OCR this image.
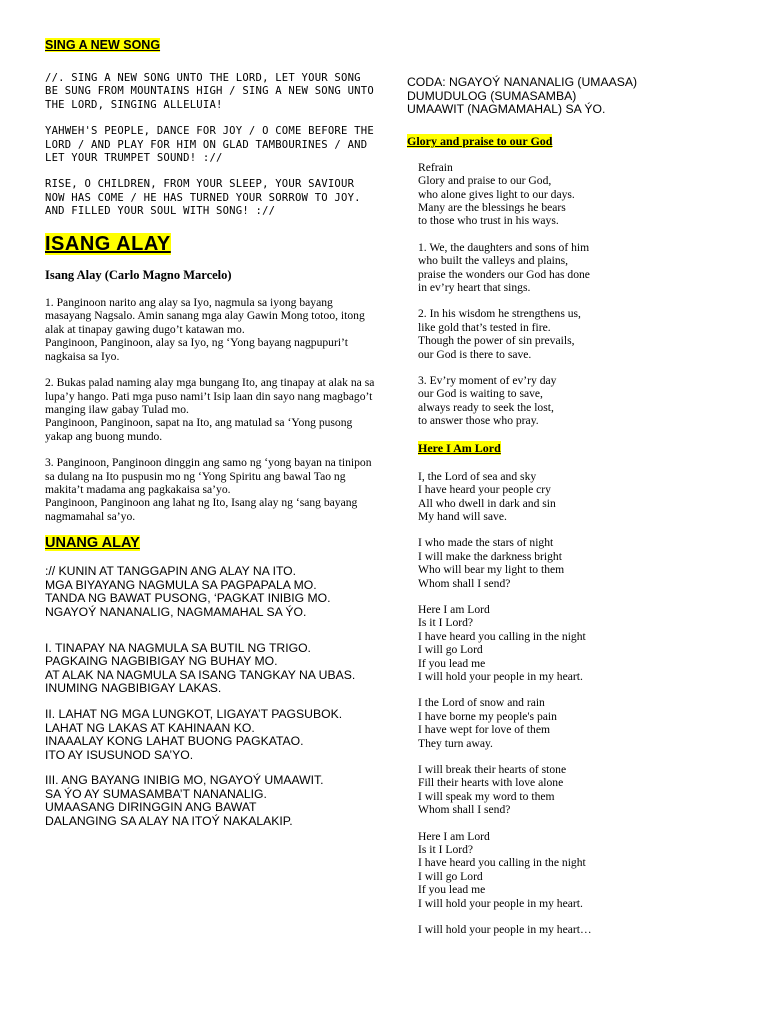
SING A NEW SONG

//. SING A NEW SONG UNTO THE LORD, LET YOUR SONG BE SUNG FROM MOUNTAINS HIGH / SING A NEW SONG UNTO THE LORD, SINGING ALLELUIA!

YAHWEH'S PEOPLE, DANCE FOR JOY / O COME BEFORE THE LORD / AND PLAY FOR HIM ON GLAD TAMBOURINES / AND LET YOUR TRUMPET SOUND! ://

RISE, O CHILDREN, FROM YOUR SLEEP, YOUR SAVIOUR NOW HAS COME / HE HAS TURNED YOUR SORROW TO JOY. AND FILLED YOUR SOUL WITH SONG! ://

ISANG ALAY
Isang Alay (Carlo Magno Marcelo)

1. Panginoon narito ang alay sa Iyo, nagmula sa iyong bayang masayang Nagsalo. Amin sanang mga alay Gawin Mong totoo, itong alak at tinapay gawing dugo’t katawan mo.
Panginoon, Panginoon, alay sa Iyo, ng ‘Yong bayang nagpupuri’t nagkaisa sa Iyo.

2. Bukas palad naming alay mga bungang Ito, ang tinapay at alak na sa lupa’y hango. Pati mga puso nami’t Isip laan din sayo nang magbago’t manging ilaw gabay Tulad mo.
Panginoon, Panginoon, sapat na Ito, ang matulad sa ‘Yong pusong yakap ang buong mundo.

3. Panginoon, Panginoon dinggin ang samo ng ‘yong bayan na tinipon sa dulang na Ito puspusin mo ng ‘Yong Spiritu ang bawal Tao ng makita’t madama ang pagkakaisa sa’yo.
Panginoon, Panginoon ang lahat ng Ito, Isang alay ng ‘sang bayang nagmamahal sa’yo.

UNANG ALAY

:// KUNIN AT TANGGAPIN ANG ALAY NA ITO.
MGA BIYAYANG NAGMULA SA PAGPAPALA MO.
TANDA NG BAWAT PUSONG, ‘PAGKAT INIBIG MO.
NGAYOÝ NANANALIG, NAGMAMAHAL SA ÝO.

I. TINAPAY NA NAGMULA SA BUTIL NG TRIGO.
PAGKAING NAGBIBIGAY NG BUHAY MO.
AT ALAK NA NAGMULA SA ISANG TANGKAY NA UBAS.
INUMING NAGBIBIGAY LAKAS.

II. LAHAT NG MGA LUNGKOT, LIGAYA’T PAGSUBOK.
LAHAT NG LAKAS AT KAHINAAN KO.
INAAALAY KONG LAHAT BUONG PAGKATAO.
ITO AY ISUSUNOD SA’YO.

III. ANG BAYANG INIBIG MO, NGAYOÝ UMAAWIT.
SA ÝO AY SUMASAMBA’T NANANALIG.
UMAASANG DIRINGGIN ANG BAWAT
DALANGING SA ALAY NA ITOÝ NAKALAKIP.

CODA: NGAYOÝ NANANALIG (UMAASA)
DUMUDULOG (SUMASAMBA)
UMAAWIT (NAGMAMAHAL) SA ÝO.

Glory and praise to our God

Refrain
Glory and praise to our God,
who alone gives light to our days.
Many are the blessings he bears
to those who trust in his ways.

1. We, the daughters and sons of him
who built the valleys and plains,
praise the wonders our God has done
in ev’ry heart that sings.

2. In his wisdom he strengthens us,
like gold that’s tested in fire.
Though the power of sin prevails,
our God is there to save.

3. Ev’ry moment of ev’ry day
our God is waiting to save,
always ready to seek the lost,
to answer those who pray.

Here I Am Lord

I, the Lord of sea and sky
I have heard your people cry
All who dwell in dark and sin
My hand will save.

I who made the stars of night
I will make the darkness bright
Who will bear my light to them
Whom shall I send?

Here I am Lord
Is it I Lord?
I have heard you calling in the night
I will go Lord
If you lead me
I will hold your people in my heart.

I the Lord of snow and rain
I have borne my people's pain
I have wept for love of them
They turn away.

I will break their hearts of stone
Fill their hearts with love alone
I will speak my word to them
Whom shall I send?

Here I am Lord
Is it I Lord?
I have heard you calling in the night
I will go Lord
If you lead me
I will hold your people in my heart.

I will hold your people in my heart…
